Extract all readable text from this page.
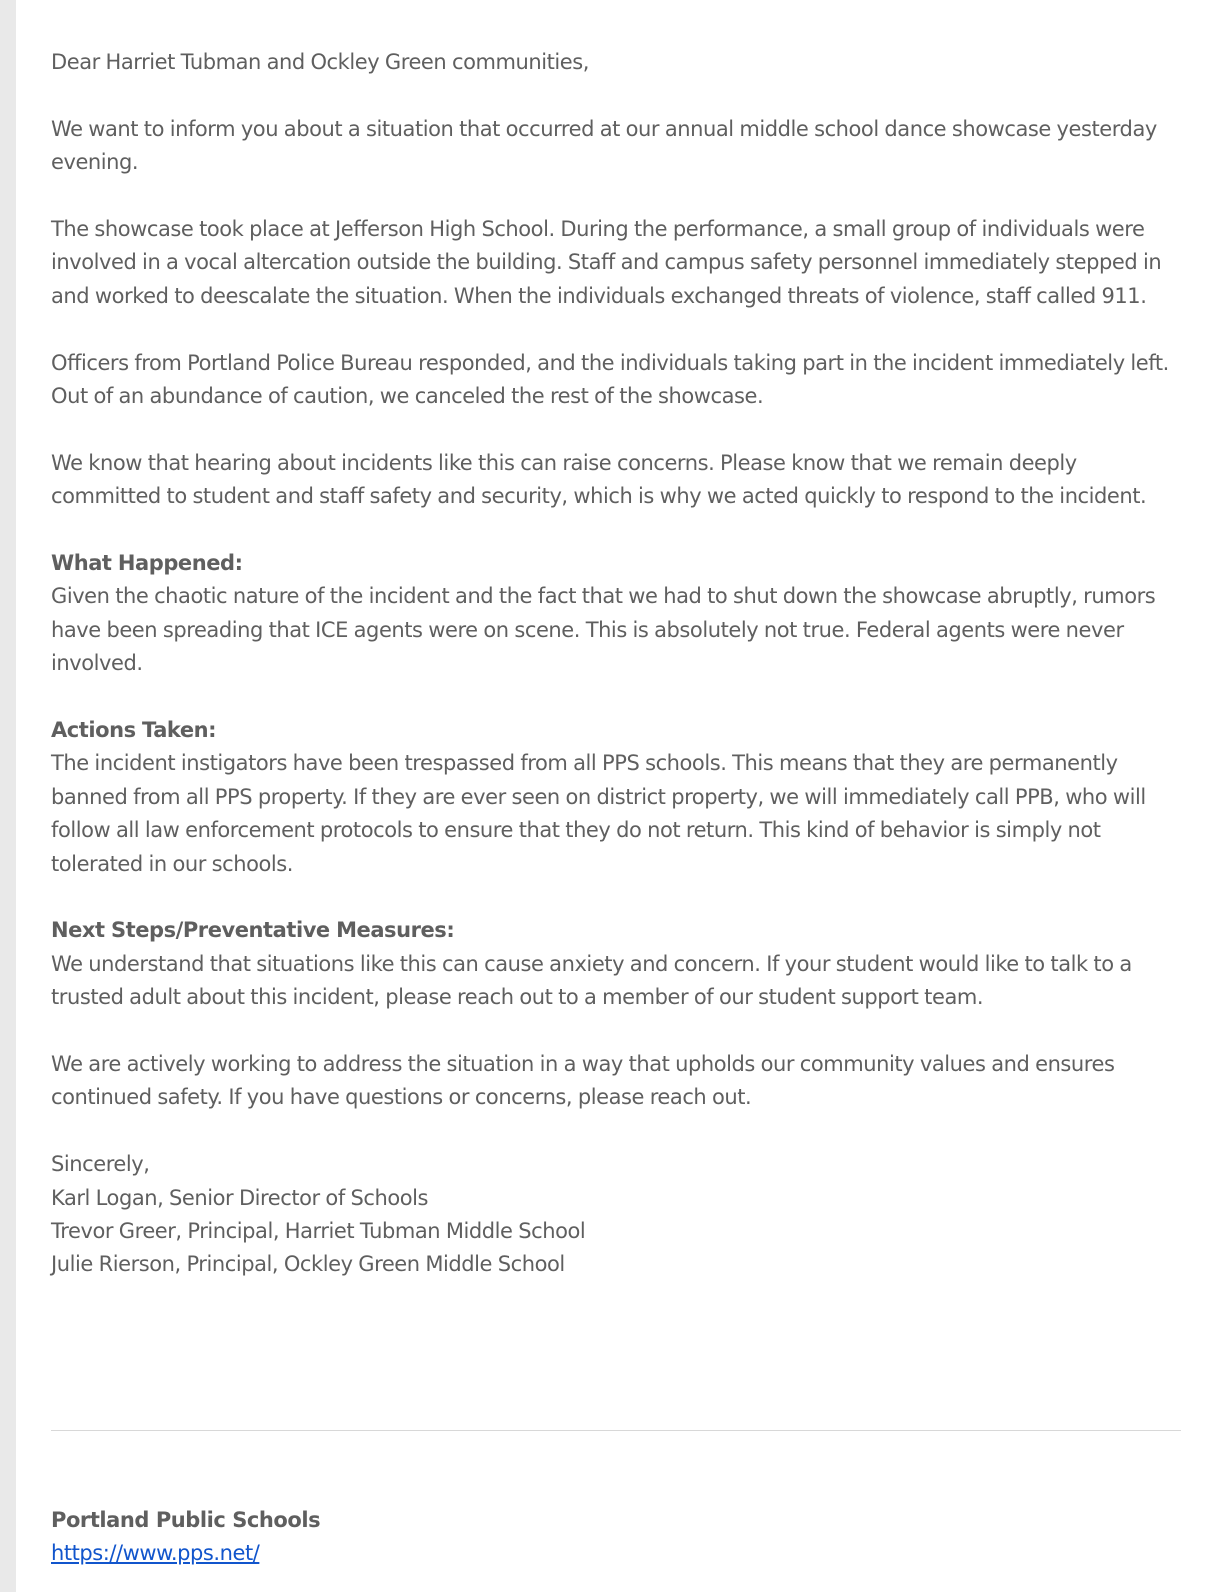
Dear Harriet Tubman and Ockley Green communities,

We want to inform you about a situation that occurred at our annual middle school dance showcase yesterday evening.

The showcase took place at Jefferson High School. During the performance, a small group of individuals were involved in a vocal altercation outside the building. Staff and campus safety personnel immediately stepped in and worked to deescalate the situation. When the individuals exchanged threats of violence, staff called 911.

Officers from Portland Police Bureau responded, and the individuals taking part in the incident immediately left. Out of an abundance of caution, we canceled the rest of the showcase.

We know that hearing about incidents like this can raise concerns. Please know that we remain deeply committed to student and staff safety and security, which is why we acted quickly to respond to the incident.

What Happened:
Given the chaotic nature of the incident and the fact that we had to shut down the showcase abruptly, rumors have been spreading that ICE agents were on scene. This is absolutely not true. Federal agents were never involved.
Actions Taken:
The incident instigators have been trespassed from all PPS schools. This means that they are permanently banned from all PPS property. If they are ever seen on district property, we will immediately call PPB, who will follow all law enforcement protocols to ensure that they do not return. This kind of behavior is simply not tolerated in our schools.
Next Steps/Preventative Measures:
We understand that situations like this can cause anxiety and concern. If your student would like to talk to a trusted adult about this incident, please reach out to a member of our student support team.

We are actively working to address the situation in a way that upholds our community values and ensures continued safety. If you have questions or concerns, please reach out.

Sincerely,
Karl Logan, Senior Director of Schools
Trevor Greer, Principal, Harriet Tubman Middle School
Julie Rierson, Principal, Ockley Green Middle School
Portland Public Schools
https://www.pps.net/
